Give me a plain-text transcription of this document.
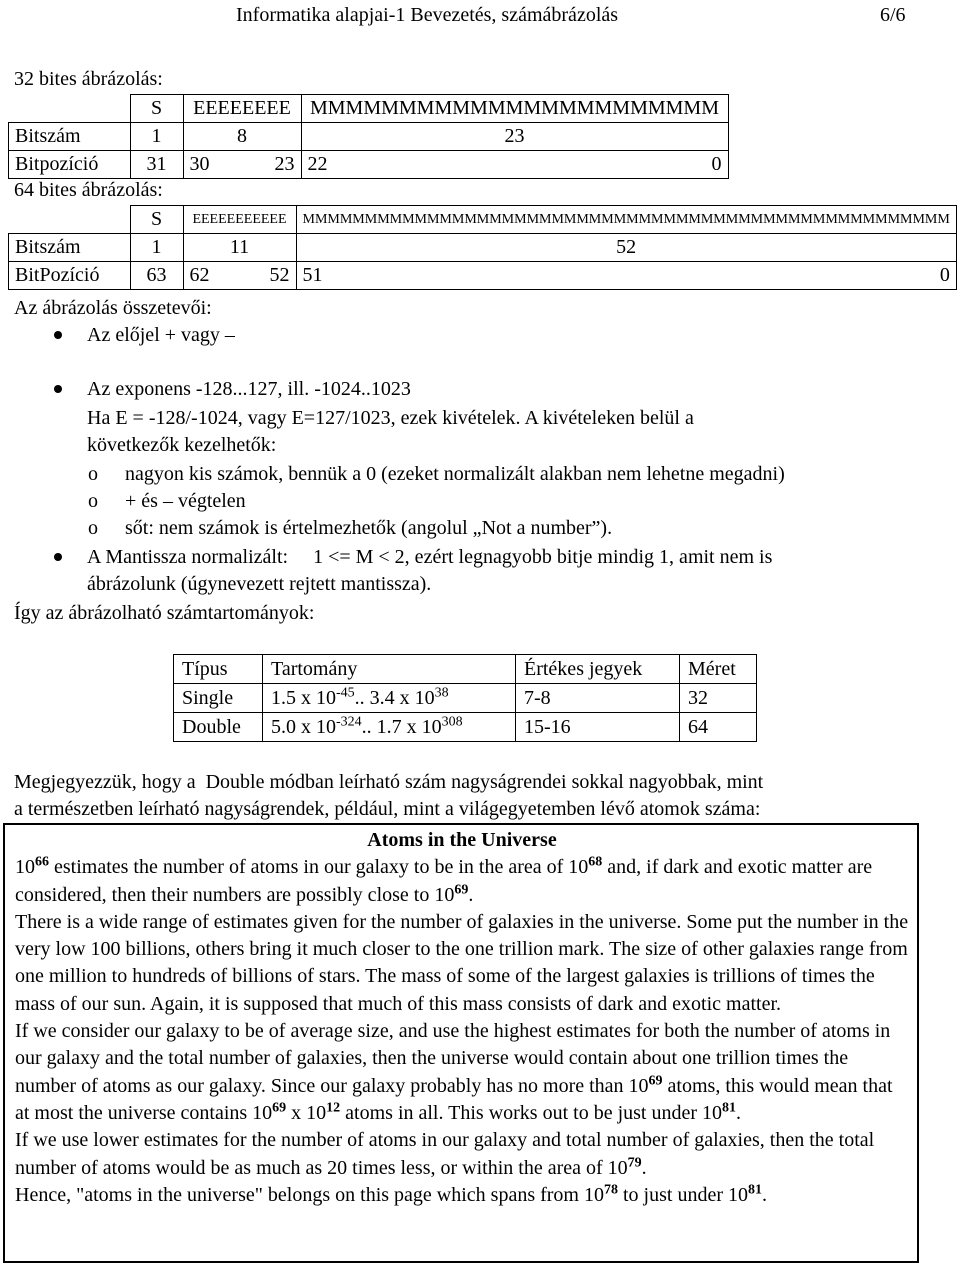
Informatika alapjai-1 Bevezetés, számábrázolás	6/6
32 bites ábrázolás:
	S	EEEEEEEE	MMMMMMMMMMMMMMMMMMMMMMM	
Bitszám	1	8	23	
Bitpozíció	31	30 23	22	0
64 bites ábrázolás:
	S	EEEEEEEEEEE	MMMMMMMMMMMMMMMMMMMMMMMMMMMMMMMMMMMMMMMMMMMMMMMMMMMM	
Bitszám	1	11	52	
BitPozíció	63	62 52	51	0
Az ábrázolás összetevői:
Az előjel + vagy –
Az exponens -128...127, ill. -1024..1023
Ha E = -128/-1024, vagy E=127/1023, ezek kivételek. A kivételeken belül a
következők kezelhetők:
o nagyon kis számok, bennük a 0 (ezeket normalizált alakban nem lehetne megadni)
o + és – végtelen
o sőt: nem számok is értelmezhetők (angolul „Not a number”).
A Mantissza normalizált:     1 <= M < 2, ezért legnagyobb bitje mindig 1, amit nem is
ábrázolunk (úgynevezett rejtett mantissza).
Így az ábrázolható számtartományok:
Típus	Tartomány	Értékes jegyek	Méret
Single	1.5 x $10^{-45}$.. 3.4 x $10^{38}$	7-8	32
Double	5.0 x $10^{-324}$.. 1.7 x $10^{308}$	15-16	64
Megjegyezzük, hogy a  Double módban leírható szám nagyságrendei sokkal nagyobbak, mint
a természetben leírható nagyságrendek, például, mint a világegyetemben lévő atomok száma:
Atoms in the Universe
$10^{66}$ estimates the number of atoms in our galaxy to be in the area of $10^{68}$ and, if dark and exotic matter are considered, then their numbers are possibly close to $10^{69}$.
There is a wide range of estimates given for the number of galaxies in the universe. Some put the number in the very low 100 billions, others bring it much closer to the one trillion mark. The size of other galaxies range from one million to hundreds of billions of stars. The mass of some of the largest galaxies is trillions of times the mass of our sun. Again, it is supposed that much of this mass consists of dark and exotic matter.
If we consider our galaxy to be of average size, and use the highest estimates for both the number of atoms in our galaxy and the total number of galaxies, then the universe would contain about one trillion times the number of atoms as our galaxy. Since our galaxy probably has no more than $10^{69}$ atoms, this would mean that at most the universe contains $10^{69}$ x $10^{12}$ atoms in all. This works out to be just under $10^{81}$.
If we use lower estimates for the number of atoms in our galaxy and total number of galaxies, then the total number of atoms would be as much as 20 times less, or within the area of $10^{79}$.
Hence, "atoms in the universe" belongs on this page which spans from $10^{78}$ to just under $10^{81}$.
